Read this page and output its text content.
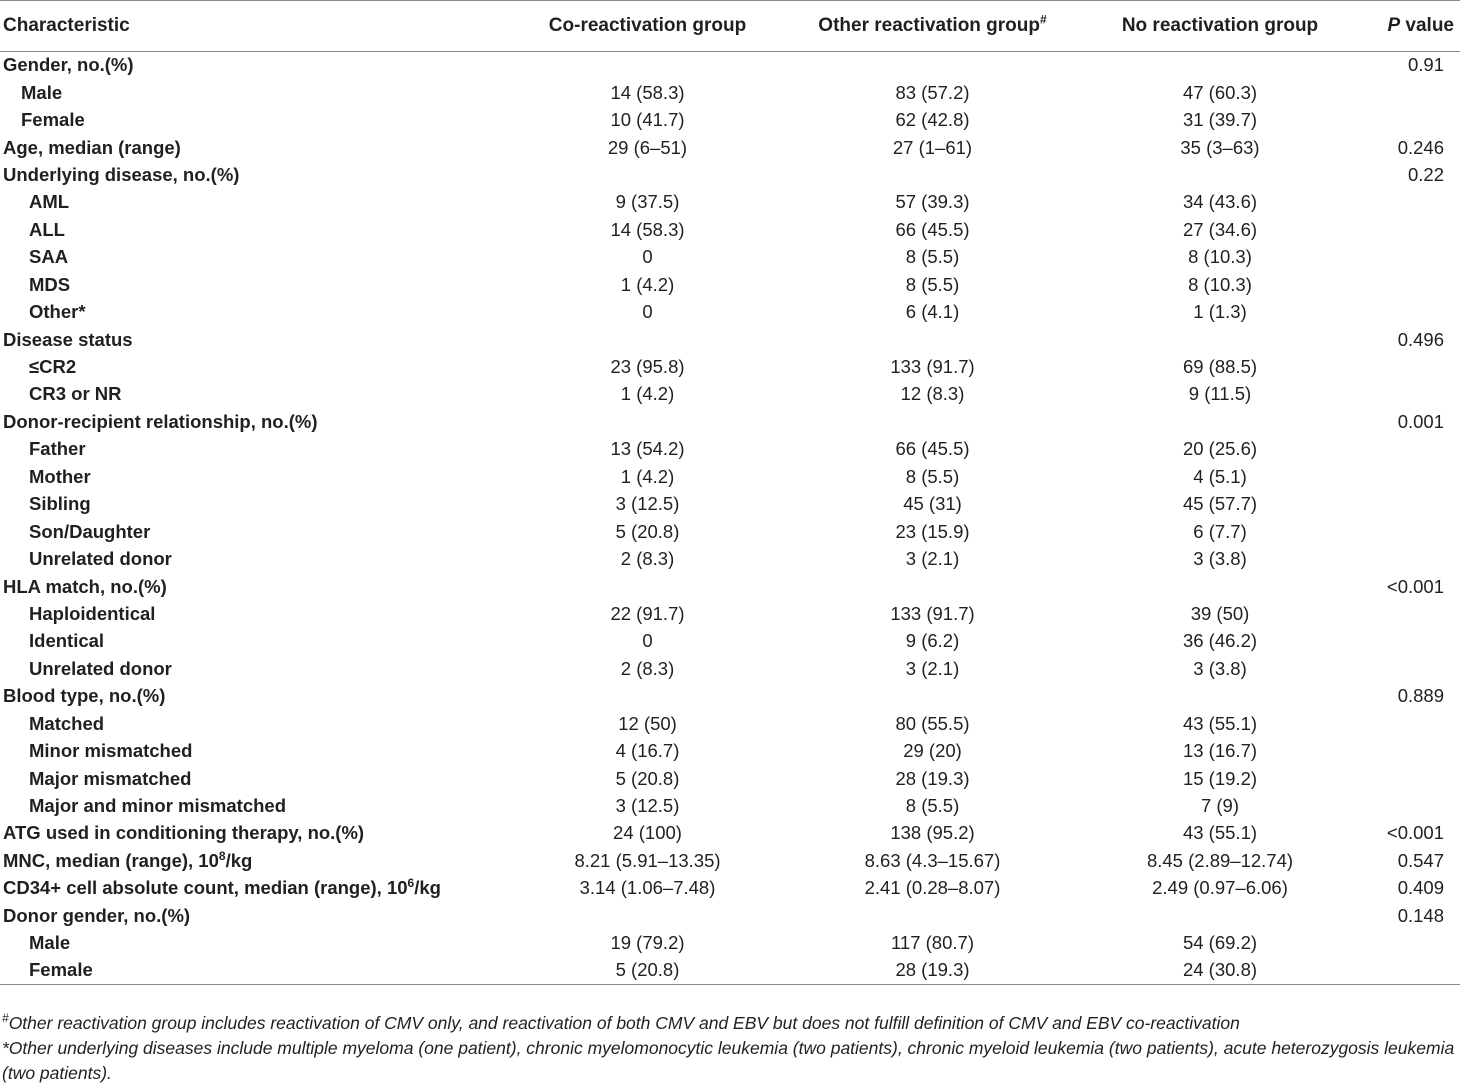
Characteristic	Co-reactivation group	Other reactivation group#	No reactivation group	P value
Gender, no.(%)				0.91
Male	14 (58.3)	83 (57.2)	47 (60.3)	
Female	10 (41.7)	62 (42.8)	31 (39.7)	
Age, median (range)	29 (6–51)	27 (1–61)	35 (3–63)	0.246
Underlying disease, no.(%)				0.22
AML	9 (37.5)	57 (39.3)	34 (43.6)	
ALL	14 (58.3)	66 (45.5)	27 (34.6)	
SAA	0	8 (5.5)	8 (10.3)	
MDS	1 (4.2)	8 (5.5)	8 (10.3)	
Other*	0	6 (4.1)	1 (1.3)	
Disease status				0.496
≤CR2	23 (95.8)	133 (91.7)	69 (88.5)	
CR3 or NR	1 (4.2)	12 (8.3)	9 (11.5)	
Donor-recipient relationship, no.(%)				0.001
Father	13 (54.2)	66 (45.5)	20 (25.6)	
Mother	1 (4.2)	8 (5.5)	4 (5.1)	
Sibling	3 (12.5)	45 (31)	45 (57.7)	
Son/Daughter	5 (20.8)	23 (15.9)	6 (7.7)	
Unrelated donor	2 (8.3)	3 (2.1)	3 (3.8)	
HLA match, no.(%)				<0.001
Haploidentical	22 (91.7)	133 (91.7)	39 (50)	
Identical	0	9 (6.2)	36 (46.2)	
Unrelated donor	2 (8.3)	3 (2.1)	3 (3.8)	
Blood type, no.(%)				0.889
Matched	12 (50)	80 (55.5)	43 (55.1)	
Minor mismatched	4 (16.7)	29 (20)	13 (16.7)	
Major mismatched	5 (20.8)	28 (19.3)	15 (19.2)	
Major and minor mismatched	3 (12.5)	8 (5.5)	7 (9)	
ATG used in conditioning therapy, no.(%)	24 (100)	138 (95.2)	43 (55.1)	<0.001
MNC, median (range), $10^8/kg$	8.21 (5.91–13.35)	8.63 (4.3–15.67)	8.45 (2.89–12.74)	0.547
CD34+ cell absolute count, median (range), $10^6/kg$	3.14 (1.06–7.48)	2.41 (0.28–8.07)	2.49 (0.97–6.06)	0.409
Donor gender, no.(%)				0.148
Male	19 (79.2)	117 (80.7)	54 (69.2)	
Female	5 (20.8)	28 (19.3)	24 (30.8)	
#Other reactivation group includes reactivation of CMV only, and reactivation of both CMV and EBV but does not fulfill definition of CMV and EBV co-reactivation
*Other underlying diseases include multiple myeloma (one patient), chronic myelomonocytic leukemia (two patients), chronic myeloid leukemia (two patients), acute heterozygosis leukemia
(two patients).
